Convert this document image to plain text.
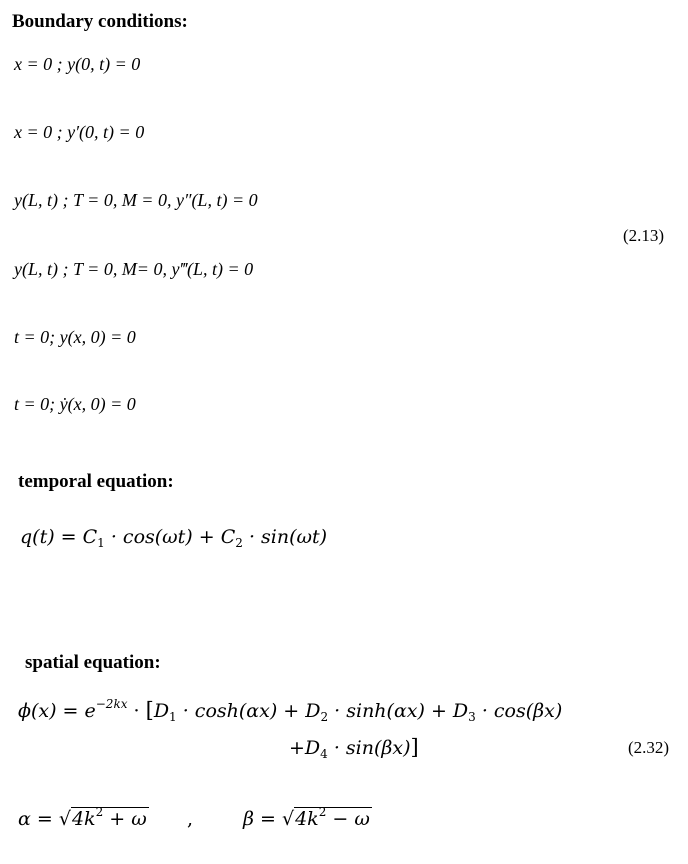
Boundary conditions:
x = 0 ; y(0, t) = 0
x = 0 ; y′(0, t) = 0
y(L, t) ; T = 0, M = 0, y″(L, t) = 0
y(L, t) ; T = 0, M= 0, y‴(L, t) = 0
t = 0; y(x, 0) = 0
t = 0; ẏ(x, 0) = 0
(2.13)
temporal equation:
$q(t) = C_1 \cdot \cos(\omega t) + C_2 \cdot \sin(\omega t)$
spatial equation:
$\phi(x) = e^{-2kx} \cdot [D_1 \cdot \cosh(\alpha x) + D_2 \cdot \sinh(\alpha x) + D_3 \cdot \cos(\beta x)$
$+D_4 \cdot \sin(\beta x)$]	(2.32)
$\alpha = √4k^2 + \omega$ ,	$\beta = √4k^2 - \omega$
